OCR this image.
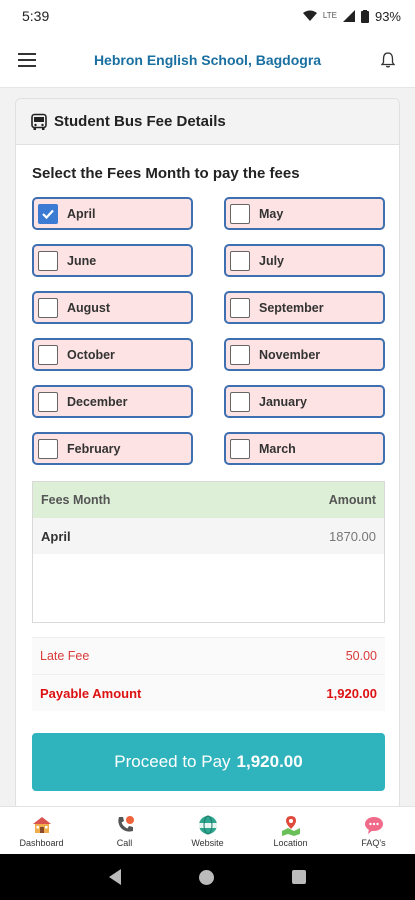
5:39	LTE	93%
Hebron English School, Bagdogra
Student Bus Fee Details
Select the Fees Month to pay the fees
April	May
June	July
August	September
October	November
December	January
February	March
Fees Month	Amount
April	1870.00
Late Fee	50.00
Payable Amount	1,920.00
Proceed to Pay 1,920.00
Dashboard	Call	Website	Location	FAQ's
